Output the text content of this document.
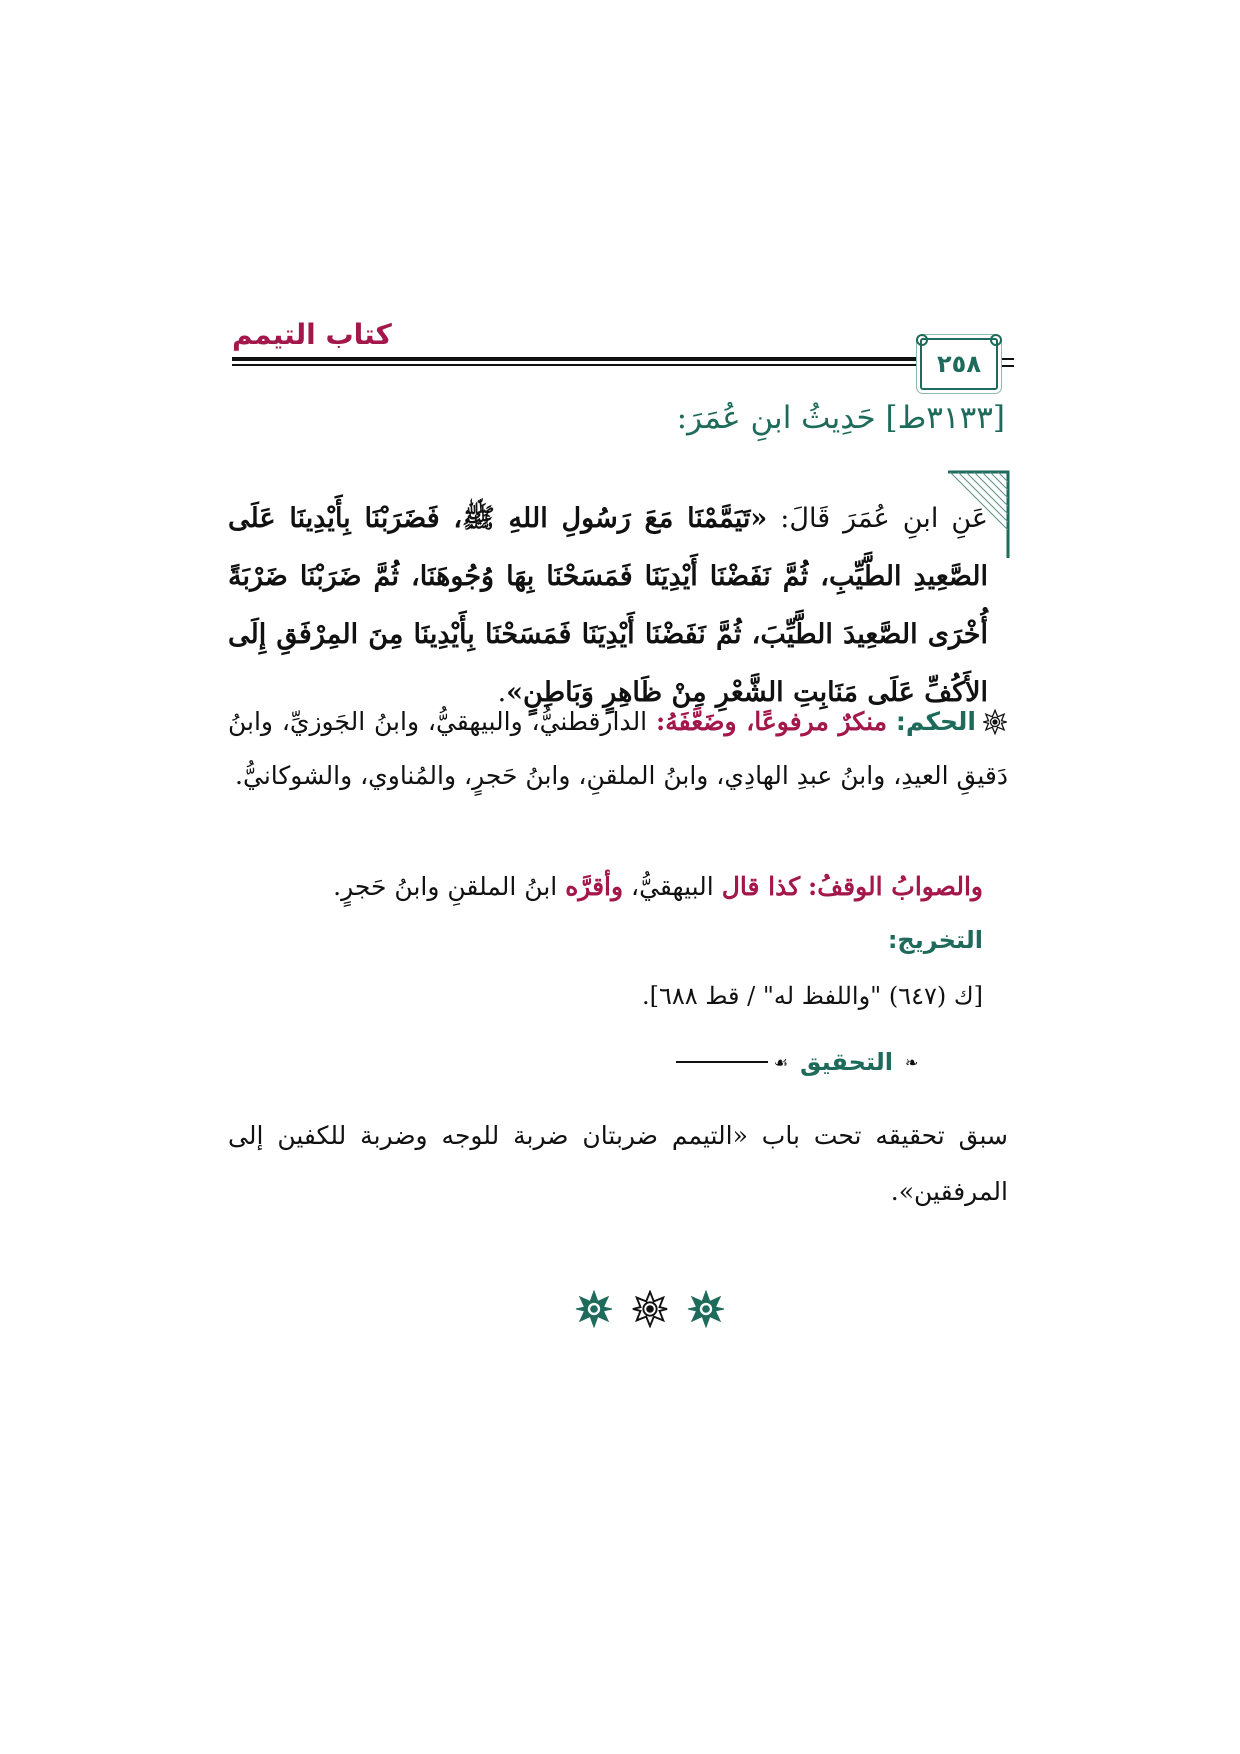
كتاب التيمم
٢٥٨
[٣١٣٣ط] حَدِيثُ ابنِ عُمَرَ:
عَنِ ابنِ عُمَرَ قَالَ: «تَيَمَّمْنَا مَعَ رَسُولِ اللهِ ﷺ، فَضَرَبْنَا بِأَيْدِينَا عَلَى الصَّعِيدِ الطَّيِّبِ، ثُمَّ نَفَضْنَا أَيْدِيَنَا فَمَسَحْنَا بِهَا وُجُوهَنَا، ثُمَّ ضَرَبْنَا ضَرْبَةً أُخْرَى الصَّعِيدَ الطَّيِّبَ، ثُمَّ نَفَضْنَا أَيْدِيَنَا فَمَسَحْنَا بِأَيْدِينَا مِنَ المِرْفَقِ إِلَى الأَكُفِّ عَلَى مَنَابِتِ الشَّعْرِ مِنْ ظَاهِرٍ وَبَاطِنٍ».
الحكم: منكرٌ مرفوعًا، وضَعَّفَهُ: الدارقطنيُّ، والبيهقيُّ، وابنُ الجَوزيِّ، وابنُ دَقيقِ العيدِ، وابنُ عبدِ الهادِي، وابنُ الملقنِ، وابنُ حَجرٍ، والمُناوي، والشوكانيُّ.
والصوابُ الوقفُ: كذا قال البيهقيُّ، وأقرَّه ابنُ الملقنِ وابنُ حَجرٍ.
التخريج:
[ك (٦٤٧) "واللفظ له" / قط ٦٨٨].
❧
التحقيق
☙
سبق تحقيقه تحت باب «التيمم ضربتان ضربة للوجه وضربة للكفين إلى المرفقين».
